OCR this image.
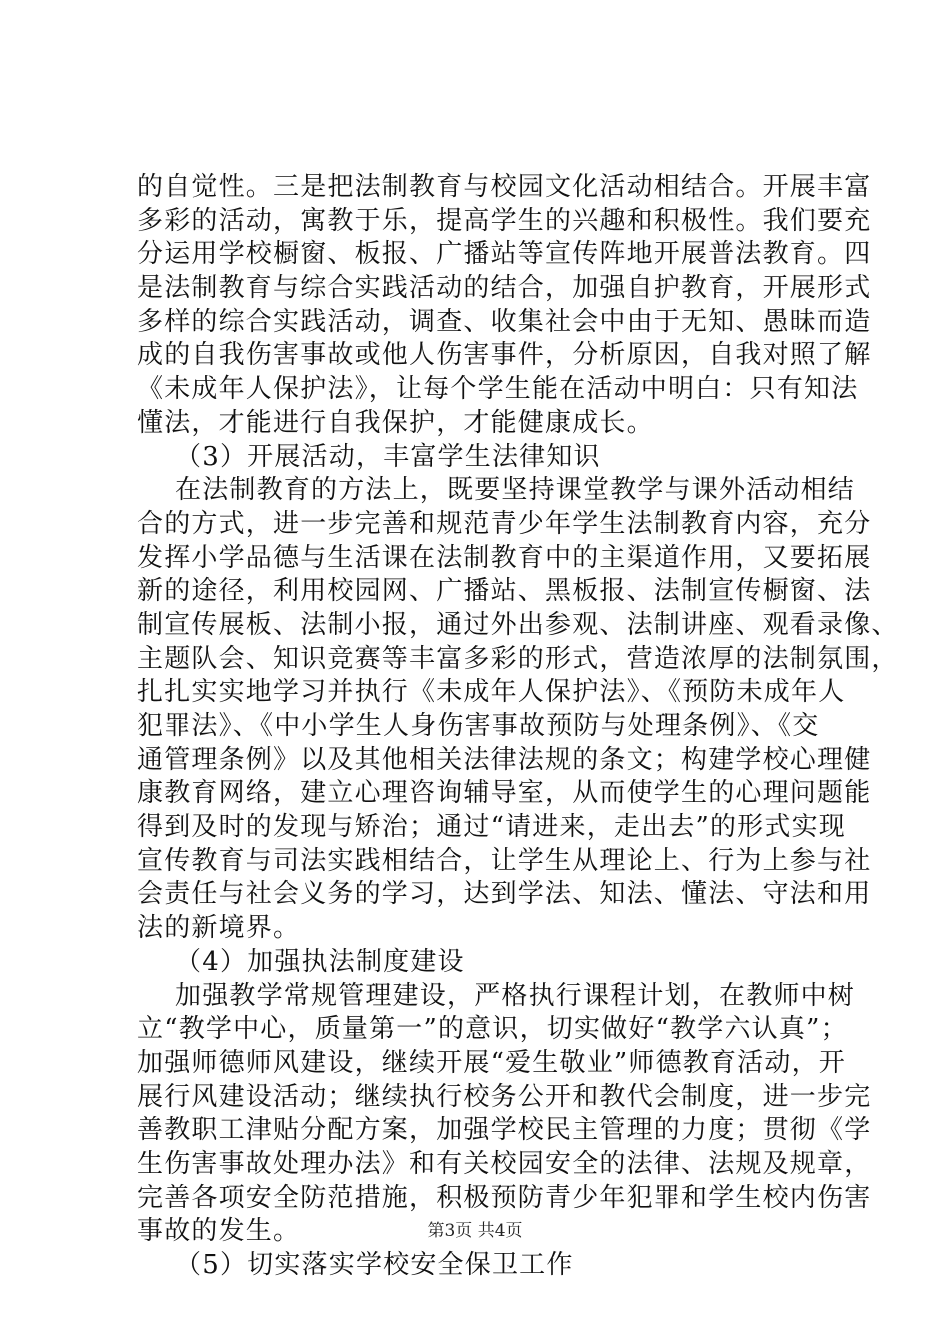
的自觉性。三是把法制教育与校园文化活动相结合。开展丰富
多彩的活动，寓教于乐，提高学生的兴趣和积极性。我们要充
分运用学校橱窗、板报、广播站等宣传阵地开展普法教育。四
是法制教育与综合实践活动的结合，加强自护教育，开展形式
多样的综合实践活动，调查、收集社会中由于无知、愚昧而造
成的自我伤害事故或他人伤害事件，分析原因，自我对照了解
《未成年人保护法》，让每个学生能在活动中明白：只有知法
懂法，才能进行自我保护，才能健康成长。
（3）开展活动，丰富学生法律知识
在法制教育的方法上，既要坚持课堂教学与课外活动相结
合的方式，进一步完善和规范青少年学生法制教育内容，充分
发挥小学品德与生活课在法制教育中的主渠道作用，又要拓展
新的途径，利用校园网、广播站、黑板报、法制宣传橱窗、法
制宣传展板、法制小报，通过外出参观、法制讲座、观看录像、
主题队会、知识竞赛等丰富多彩的形式，营造浓厚的法制氛围，
扎扎实实地学习并执行《未成年人保护法》、《预防未成年人
犯罪法》、《中小学生人身伤害事故预防与处理条例》、《交
通管理条例》以及其他相关法律法规的条文；构建学校心理健
康教育网络，建立心理咨询辅导室，从而使学生的心理问题能
得到及时的发现与矫治；通过“请进来，走出去”的形式实现
宣传教育与司法实践相结合，让学生从理论上、行为上参与社
会责任与社会义务的学习，达到学法、知法、懂法、守法和用
法的新境界。
（4）加强执法制度建设
加强教学常规管理建设，严格执行课程计划，在教师中树
立“教学中心，质量第一”的意识，切实做好“教学六认真”；
加强师德师风建设，继续开展“爱生敬业”师德教育活动，开
展行风建设活动；继续执行校务公开和教代会制度，进一步完
善教职工津贴分配方案，加强学校民主管理的力度；贯彻《学
生伤害事故处理办法》和有关校园安全的法律、法规及规章，
完善各项安全防范措施，积极预防青少年犯罪和学生校内伤害
事故的发生。
（5）切实落实学校安全保卫工作
第3页 共4页
